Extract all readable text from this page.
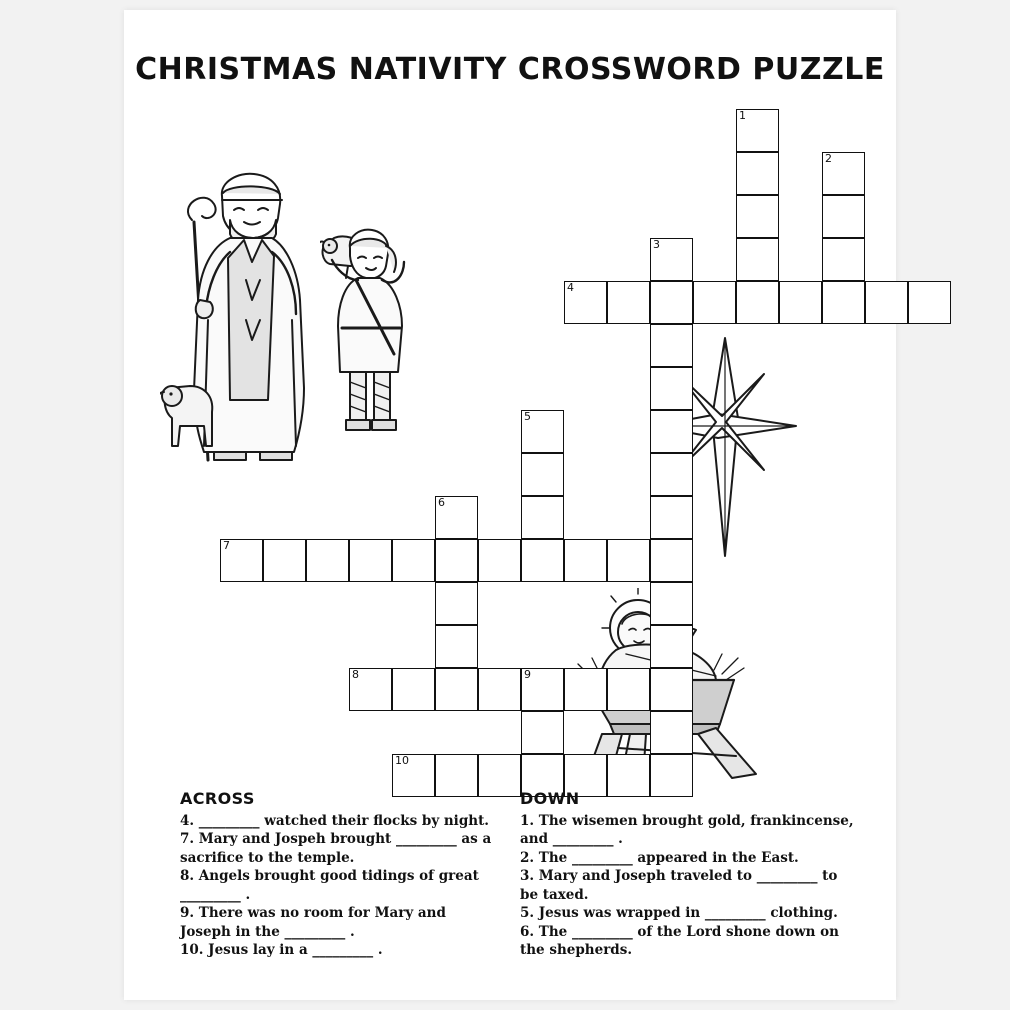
CHRISTMAS NATIVITY CROSSWORD PUZZLE
1
2
3
4
5
6
7
8	9
10
ACROSS

4. _________ watched their flocks by night.

7. Mary and Jospeh brought _________ as a sacrifice to the temple.

8. Angels brought good tidings of great _________ .

9. There was no room for Mary and Joseph in the _________ .

10. Jesus lay in a _________ .

DOWN

1. The wisemen brought gold, frankincense, and _________ .

2. The _________ appeared in the East.

3. Mary and Joseph traveled to _________ to be taxed.

5. Jesus was wrapped in _________ clothing.

6. The _________ of the Lord shone down on the shepherds.
